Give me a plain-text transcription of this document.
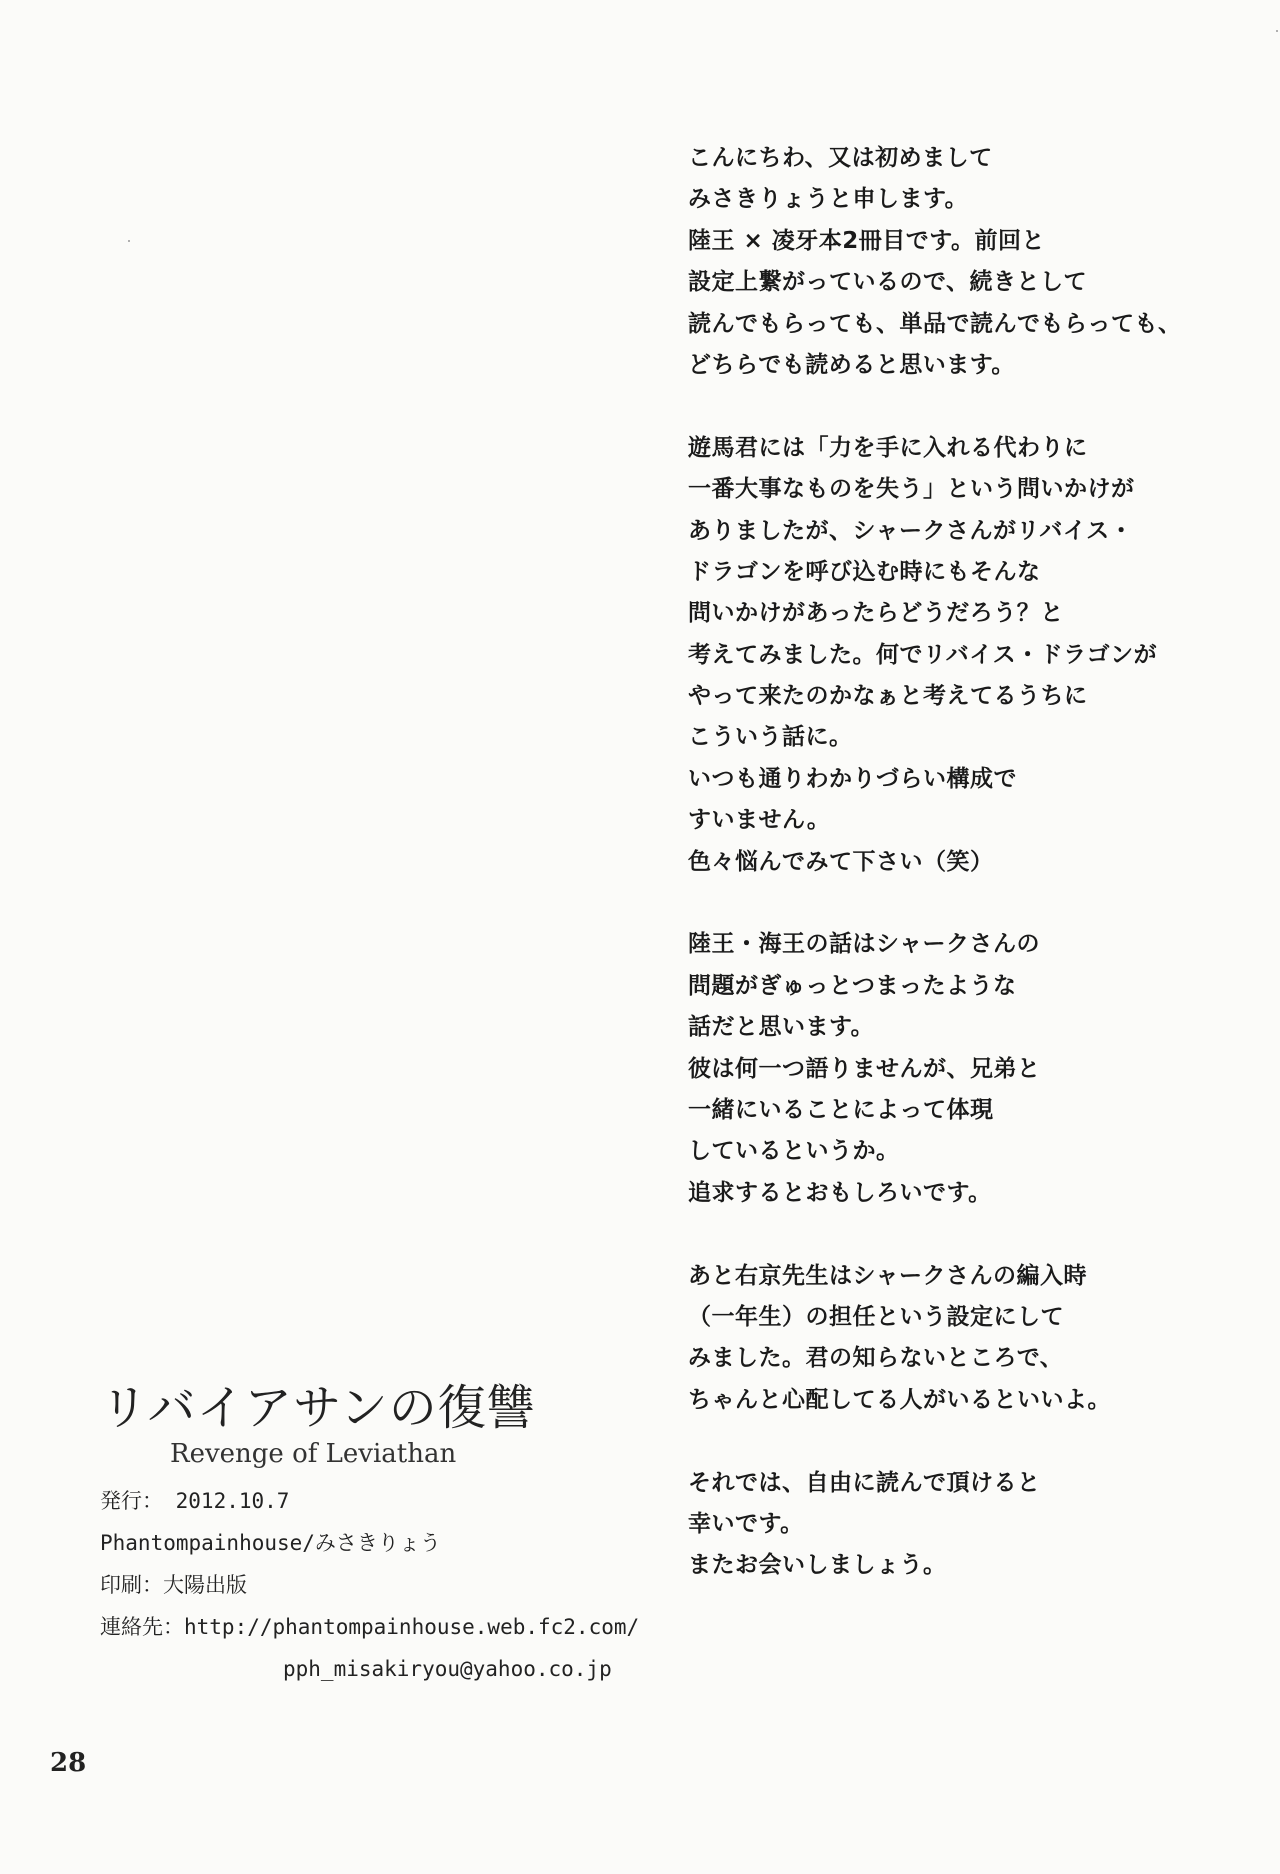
こんにちわ、又は初めまして
みさきりょうと申します。
陸王 × 凌牙本2冊目です。前回と
設定上繋がっているので、続きとして
読んでもらっても、単品で読んでもらっても、
どちらでも読めると思います。
遊馬君には「力を手に入れる代わりに
一番大事なものを失う」という問いかけが
ありましたが、シャークさんがリバイス・
ドラゴンを呼び込む時にもそんな
問いかけがあったらどうだろう？と
考えてみました。何でリバイス・ドラゴンが
やって来たのかなぁと考えてるうちに
こういう話に。
いつも通りわかりづらい構成で
すいません。
色々悩んでみて下さい（笑）
陸王・海王の話はシャークさんの
問題がぎゅっとつまったような
話だと思います。
彼は何一つ語りませんが、兄弟と
一緒にいることによって体現
しているというか。
追求するとおもしろいです。
あと右京先生はシャークさんの編入時
（一年生）の担任という設定にして
みました。君の知らないところで、
ちゃんと心配してる人がいるといいよ。
それでは、自由に読んで頂けると
幸いです。
またお会いしましょう。
リバイアサンの復讐
Revenge of Leviathan
発行： 2012.10.7
Phantompainhouse/みさきりょう
印刷：大陽出版
連絡先：http://phantompainhouse.web.fc2.com/
pph_misakiryou@yahoo.co.jp
28
